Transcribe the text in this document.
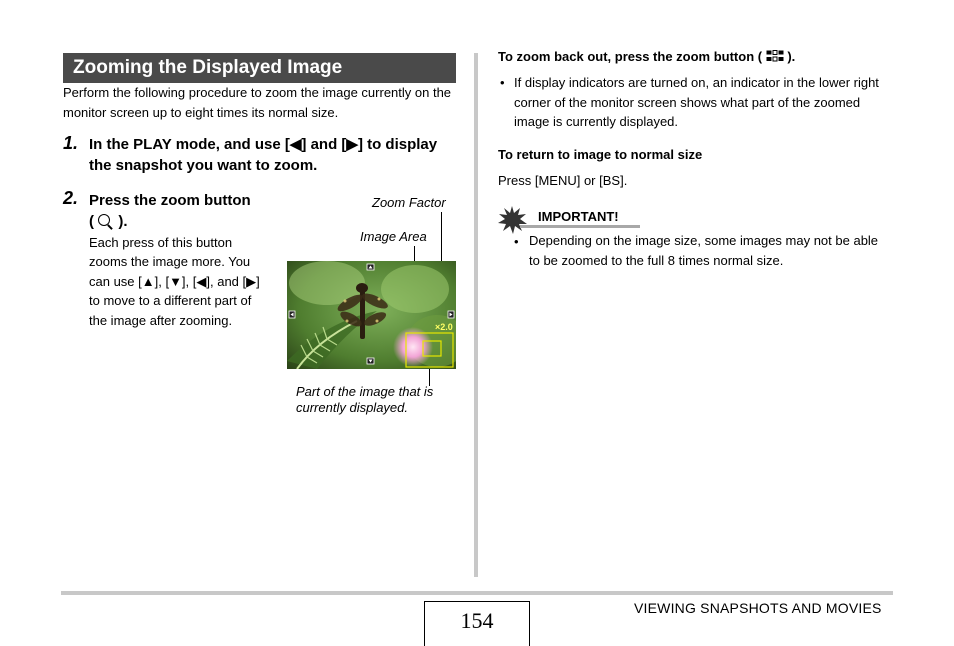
Zooming the Displayed Image
Perform the following procedure to zoom the image currently on the monitor screen up to eight times its normal size.
1. In the PLAY mode, and use [◀] and [▶] to display the snapshot you want to zoom.
2. Press the zoom button ( ).
Each press of this button zooms the image more. You can use [▲], [▼], [◀], and [▶] to move to a different part of the image after zooming.
Zoom Factor
Image Area
×2.0
Part of the image that is currently displayed.
To zoom back out, press the zoom button ( ).
• If display indicators are turned on, an indicator in the lower right corner of the monitor screen shows what part of the zoomed image is currently displayed.
To return to image to normal size
Press [MENU] or [BS].
IMPORTANT!
• Depending on the image size, some images may not be able to be zoomed to the full 8 times normal size.
VIEWING SNAPSHOTS AND MOVIES
154
